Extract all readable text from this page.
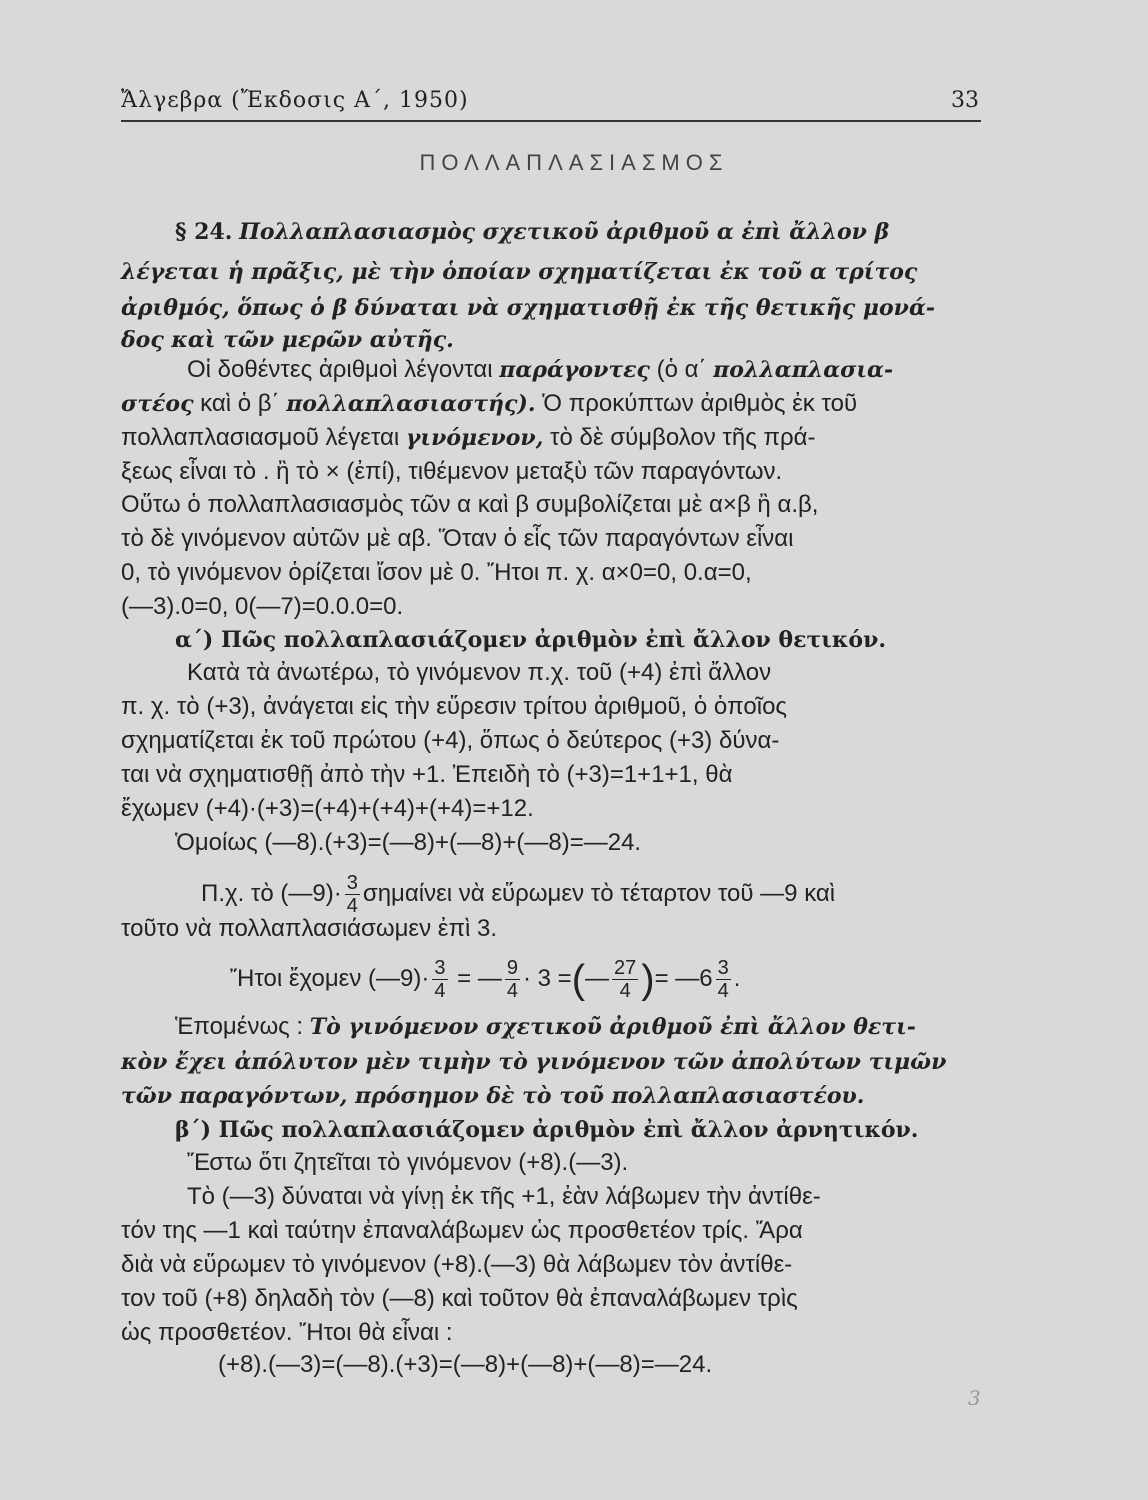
Ἄλγεβρα (Ἔκδοσις Α΄, 1950)	33
ΠΟΛΛΑΠΛΑΣΙΑΣΜΟΣ
§ 24. Πολλαπλασιασμὸς σχετικοῦ ἀριθμοῦ α ἐπὶ ἄλλον β
λέγεται ἡ πρᾶξις, μὲ τὴν ὁποίαν σχηματίζεται ἐκ τοῦ α τρίτος
ἀριθμός, ὅπως ὁ β δύναται νὰ σχηματισθῇ ἐκ τῆς θετικῆς μονά-
δος καὶ τῶν μερῶν αὐτῆς.
Οἱ δοθέντες ἀριθμοὶ λέγονται παράγοντες (ὁ α΄ πολλαπλασια-
στέος καὶ ὁ β΄ πολλαπλασιαστής). Ὁ προκύπτων ἀριθμὸς ἐκ τοῦ
πολλαπλασιασμοῦ λέγεται γινόμενον, τὸ δὲ σύμβολον τῆς πρά-
ξεως εἶναι τὸ . ἢ τὸ × (ἐπί), τιθέμενον μεταξὺ τῶν παραγόντων.
Οὕτω ὁ πολλαπλασιασμὸς τῶν α καὶ β συμβολίζεται μὲ α×β ἢ α.β,
τὸ δὲ γινόμενον αὐτῶν μὲ αβ. Ὅταν ὁ εἷς τῶν παραγόντων εἶναι
0, τὸ γινόμενον ὁρίζεται ἴσον μὲ 0. Ἤτοι π. χ. α×0=0, 0.α=0,
(—3).0=0, 0(—7)=0.0.0=0.
α΄) Πῶς πολλαπλασιάζομεν ἀριθμὸν ἐπὶ ἄλλον θετικόν.
Κατὰ τὰ ἀνωτέρω, τὸ γινόμενον π.χ. τοῦ (+4) ἐπὶ ἄλλον
π. χ. τὸ (+3), ἀνάγεται εἰς τὴν εὕρεσιν τρίτου ἀριθμοῦ, ὁ ὁποῖος
σχηματίζεται ἐκ τοῦ πρώτου (+4), ὅπως ὁ δεύτερος (+3) δύνα-
ται νὰ σχηματισθῇ ἀπὸ τὴν +1. Ἐπειδὴ τὸ (+3)=1+1+1, θὰ
ἔχωμεν (+4)·(+3)=(+4)+(+4)+(+4)=+12.
Ὁμοίως (—8).(+3)=(—8)+(—8)+(—8)=—24.
Π.χ. τὸ (—9)· $\frac{3}{4}$ σημαίνει νὰ εὕρωμεν τὸ τέταρτον τοῦ —9 καὶ
τοῦτο νὰ πολλαπλασιάσωμεν ἐπὶ 3.
Ἤτοι ἔχομεν (—9)· $\frac{3}{4}$ = — $\frac{9}{4} \cdot 3$ =(— $\frac{27}{4}$ )= —6 $\frac{3}{4}$ .
Ἑπομένως : Τὸ γινόμενον σχετικοῦ ἀριθμοῦ ἐπὶ ἄλλον θετι-
κὸν ἔχει ἀπόλυτον μὲν τιμὴν τὸ γινόμενον τῶν ἀπολύτων τιμῶν
τῶν παραγόντων, πρόσημον δὲ τὸ τοῦ πολλαπλασιαστέου.
β΄) Πῶς πολλαπλασιάζομεν ἀριθμὸν ἐπὶ ἄλλον ἀρνητικόν.
Ἔστω ὅτι ζητεῖται τὸ γινόμενον (+8).(—3).
Τὸ (—3) δύναται νὰ γίνῃ ἐκ τῆς +1, ἐὰν λάβωμεν τὴν ἀντίθε-
τόν της —1 καὶ ταύτην ἐπαναλάβωμεν ὡς προσθετέον τρίς. Ἄρα
διὰ νὰ εὕρωμεν τὸ γινόμενον (+8).(—3) θὰ λάβωμεν τὸν ἀντίθε-
τον τοῦ (+8) δηλαδὴ τὸν (—8) καὶ τοῦτον θὰ ἐπαναλάβωμεν τρὶς
ὡς προσθετέον. Ἤτοι θὰ εἶναι :
(+8).(—3)=(—8).(+3)=(—8)+(—8)+(—8)=—24.
3
